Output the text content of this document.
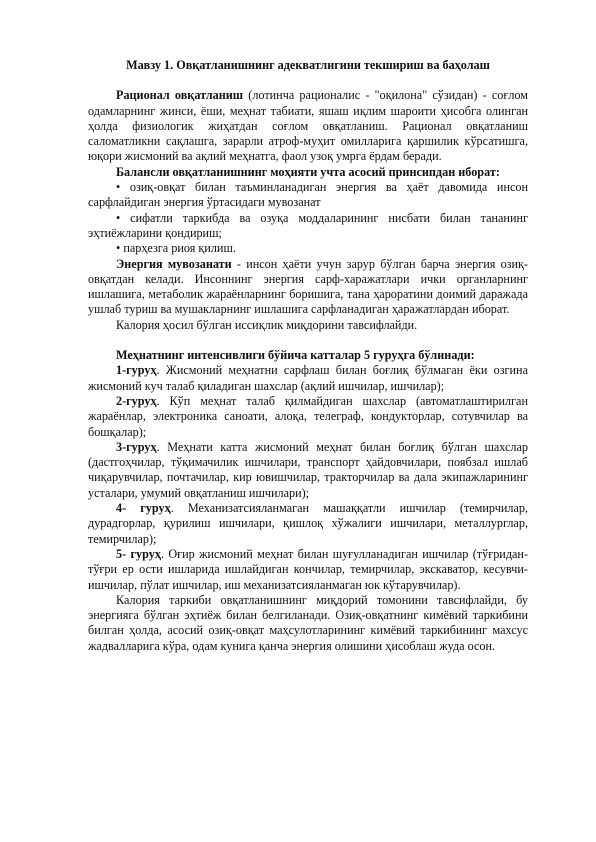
Мавзу 1. Овқатланишнинг адекватлигини текшириш ва баҳолаш

Рационал овқатланиш (лотинча рационалис - "оқилона" сўзидан) - соғлом одамларнинг жинси, ёши, меҳнат табиати, яшаш иқлим шароити ҳисобга олинган ҳолда физиологик жиҳатдан соғлом овқатланиш. Рационал овқатланиш саломатликни сақлашга, зарарли атроф-муҳит омилларига қаршилик кўрсатишга, юқори жисмоний ва ақлий меҳнатга, фаол узоқ умрга ёрдам беради.

Балансли овқатланишнинг моҳияти учта асосий принсипдан иборат:

• озиқ-овқат билан таъминланадиган энергия ва ҳаёт давомида инсон сарфлайдиган энергия ўртасидаги мувозанат

• сифатли таркибда ва озуқа моддаларининг нисбати билан тананинг эҳтиёжларини қондириш;

• парҳезга риоя қилиш.

Энергия мувозанати - инсон ҳаёти учун зарур бўлган барча энергия озиқ-овқатдан келади. Инсоннинг энергия сарф-харажатлари ички органларнинг ишлашига, метаболик жараёнларнинг боришига, тана ҳароратини доимий даражада ушлаб туриш ва мушакларнинг ишлашига сарфланадиган ҳаражатлардан иборат.

Калория ҳосил бўлган иссиқлик миқдорини тавсифлайди.

Меҳнатнинг интенсивлиги бўйича катталар 5 гуруҳга бўлинади:

1-гуруҳ. Жисмоний меҳнатни сарфлаш билан боғлиқ бўлмаган ёки озгина жисмоний куч талаб қиладиган шахслар (ақлий ишчилар, ишчилар);

2-гуруҳ. Кўп меҳнат талаб қилмайдиган шахслар (автоматлаштирилган жараёнлар, электроника саноати, алоқа, телеграф, кондукторлар, сотувчилар ва бошқалар);

3-гуруҳ. Меҳнати катта жисмоний меҳнат билан боғлиқ бўлган шахслар (дастгоҳчилар, тўқимачилик ишчилари, транспорт ҳайдовчилари, поябзал ишлаб чиқарувчилар, почтачилар, кир ювишчилар, тракторчилар ва дала экипажларининг усталари, умумий овқатланиш ишчилари);

4- гуруҳ. Механизатсияланмаган машаққатли ишчилар (темирчилар, дурадгорлар, қурилиш ишчилари, қишлоқ хўжалиги ишчилари, металлурглар, темирчилар);

5- гуруҳ. Оғир жисмоний меҳнат билан шуғулланадиган ишчилар (тўғридан-тўғри ер ости ишларида ишлайдиган кончилар, темирчилар, экскаватор, кесувчи-ишчилар, пўлат ишчилар, иш механизатсияланмаган юк кўтарувчилар).

Калория таркиби овқатланишнинг миқдорий томонини тавсифлайди, бу энергияга бўлган эҳтиёж билан белгиланади. Озиқ-овқатнинг кимёвий таркибини билган ҳолда, асосий озиқ-овқат маҳсулотларининг кимёвий таркибининг махсус жадвалларига кўра, одам кунига қанча энергия олишини ҳисоблаш жуда осон.
